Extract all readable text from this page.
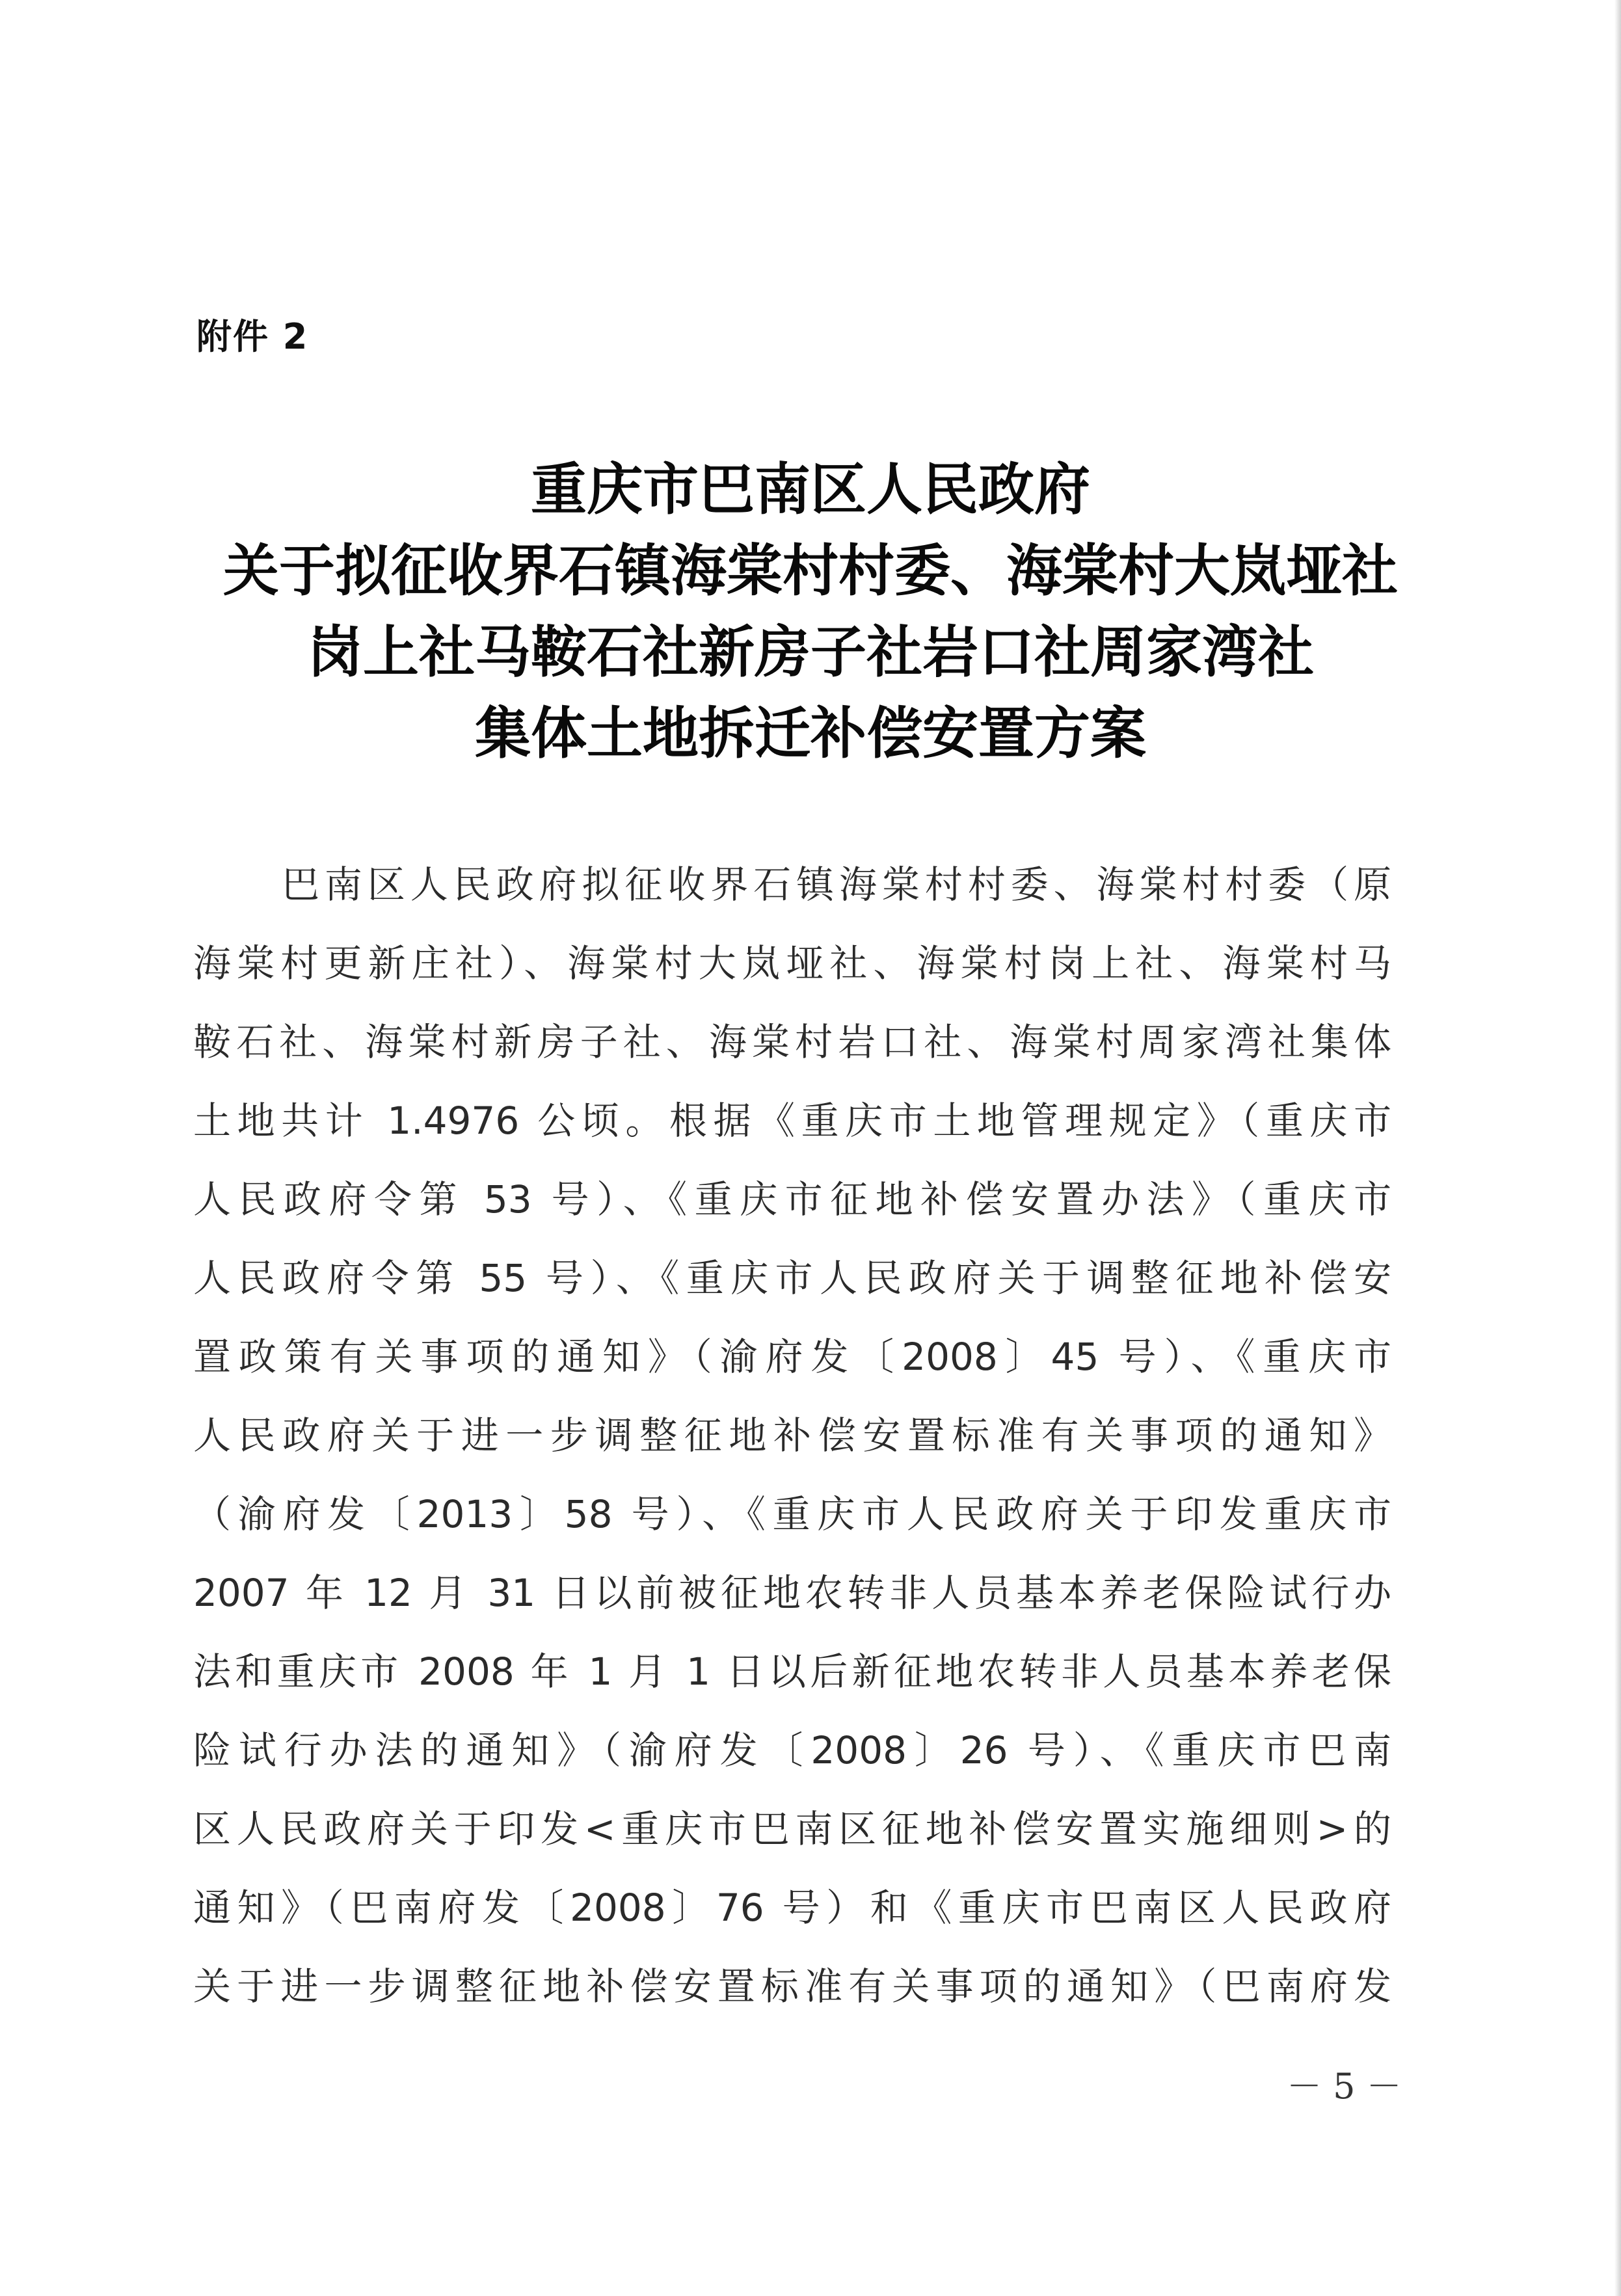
附件 2
重庆市巴南区人民政府
关于拟征收界石镇海棠村村委、海棠村大岚垭社
岗上社马鞍石社新房子社岩口社周家湾社
集体土地拆迁补偿安置方案
巴南区人民政府拟征收界石镇海棠村村委、海棠村村委（原
海棠村更新庄社）、海棠村大岚垭社、海棠村岗上社、海棠村马
鞍石社、海棠村新房子社、海棠村岩口社、海棠村周家湾社集体
土地共计 1.4976 公顷。根据《重庆市土地管理规定》（重庆市
人民政府令第 53 号）、《重庆市征地补偿安置办法》（重庆市
人民政府令第 55 号）、《重庆市人民政府关于调整征地补偿安
置政策有关事项的通知》（渝府发〔2008〕45 号）、《重庆市
人民政府关于进一步调整征地补偿安置标准有关事项的通知》
（渝府发〔2013〕58 号）、《重庆市人民政府关于印发重庆市
2007 年 12 月 31 日以前被征地农转非人员基本养老保险试行办
法和重庆市 2008 年 1 月 1 日以后新征地农转非人员基本养老保
险试行办法的通知》（渝府发〔2008〕26 号）、《重庆市巴南
区人民政府关于印发<重庆市巴南区征地补偿安置实施细则>的
通知》（巴南府发〔2008〕76 号）和《重庆市巴南区人民政府
关于进一步调整征地补偿安置标准有关事项的通知》（巴南府发
－ 5 －
